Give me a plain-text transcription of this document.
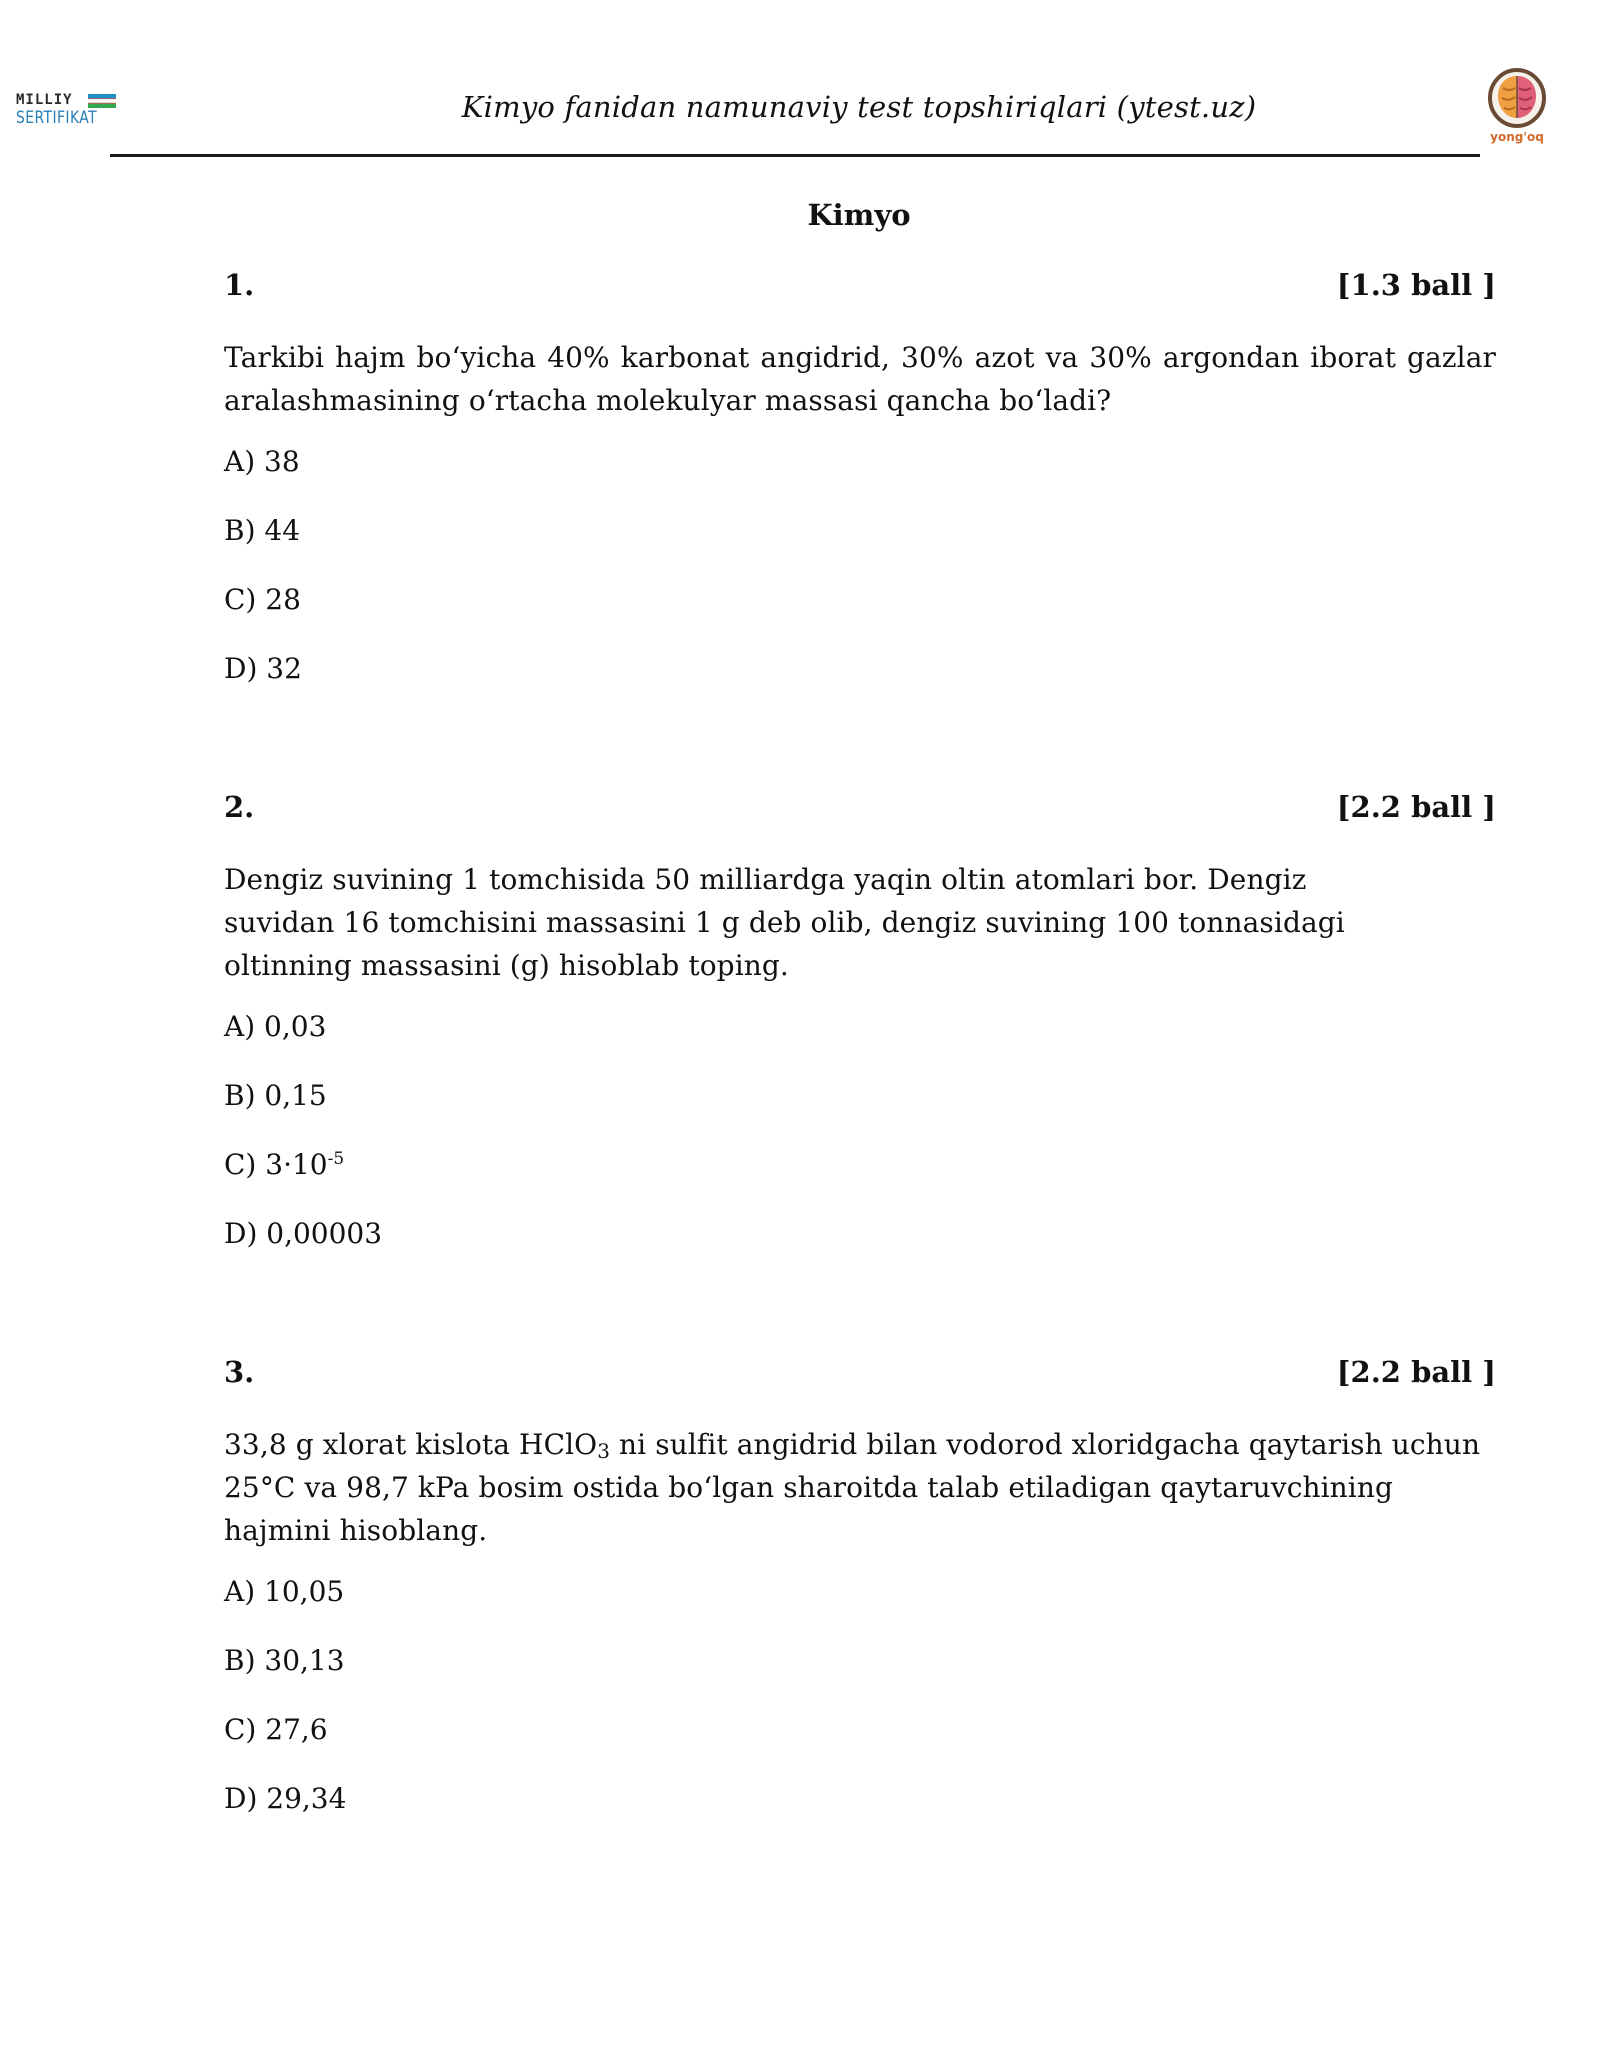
MILLIY
SERTIFIKAT	Kimyo fanidan namunaviy test topshiriqlari (ytest.uz)
yong'oq
Kimyo
1.	[1.3 ball ]
Tarkibi hajm bo‘yicha 40% karbonat angidrid, 30% azot va 30% argondan iborat gazlar
aralashmasining o‘rtacha molekulyar massasi qancha bo‘ladi?
A) 38
B) 44
C) 28
D) 32
2.	[2.2 ball ]
Dengiz suvining 1 tomchisida 50 milliardga yaqin oltin atomlari bor. Dengiz suvidan 16 tomchisini massasini 1 g deb olib, dengiz suvining 100 tonnasidagi oltinning massasini (g) hisoblab toping.
A) 0,03
B) 0,15
C) $3\cdot 10^{-5}$
D) 0,00003
3.	[2.2 ball ]
33,8 g xlorat kislota HClO$_3$ ni sulfit angidrid bilan vodorod xloridgacha qaytarish uchun 25°C va 98,7 kPa bosim ostida bo‘lgan sharoitda talab etiladigan qaytaruvchining hajmini hisoblang.
A) 10,05
B) 30,13
C) 27,6
D) 29,34
